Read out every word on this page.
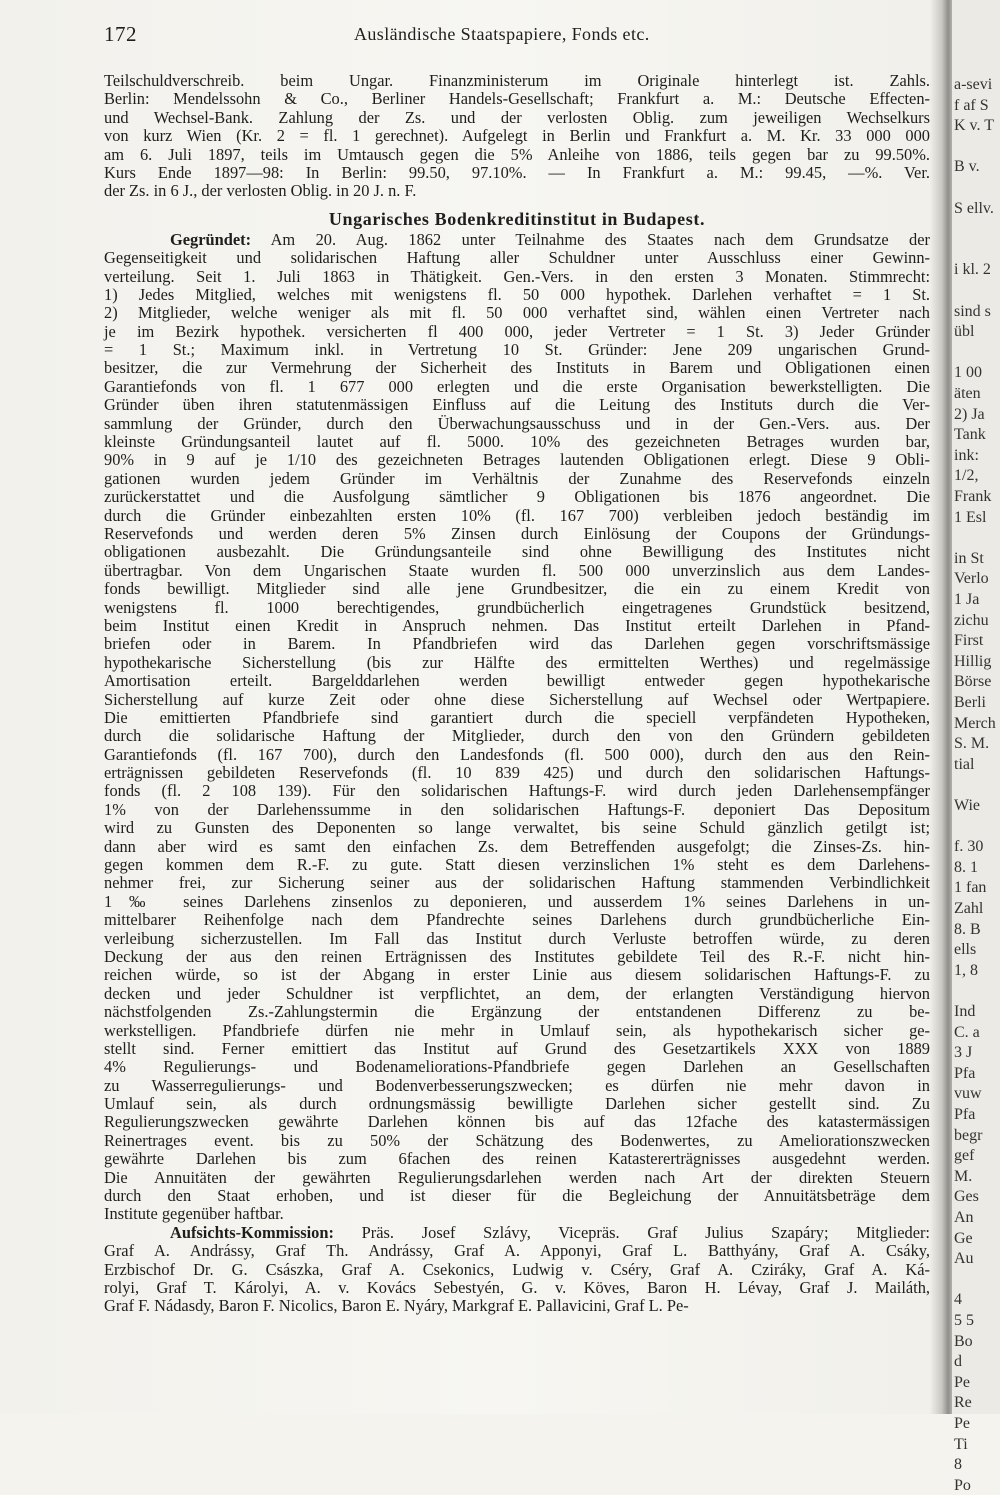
172	Ausländische Staatspapiere, Fonds etc.
Teilschuldverschreib. beim Ungar. Finanzministerum im Originale hinterlegt ist. Zahls.
Berlin: Mendelssohn & Co., Berliner Handels-Gesellschaft; Frankfurt a. M.: Deutsche Effecten-
und Wechsel-Bank. Zahlung der Zs. und der verlosten Oblig. zum jeweiligen Wechselkurs
von kurz Wien (Kr. 2 = fl. 1 gerechnet). Aufgelegt in Berlin und Frankfurt a. M. Kr. 33 000 000
am 6. Juli 1897, teils im Umtausch gegen die 5% Anleihe von 1886, teils gegen bar zu 99.50%.
Kurs Ende 1897—98: In Berlin: 99.50, 97.10%. — In Frankfurt a. M.: 99.45, —%. Ver.
der Zs. in 6 J., der verlosten Oblig. in 20 J. n. F.
Ungarisches Bodenkreditinstitut in Budapest.
Gegründet: Am 20. Aug. 1862 unter Teilnahme des Staates nach dem Grundsatze der
Gegenseitigkeit und solidarischen Haftung aller Schuldner unter Ausschluss einer Gewinn-
verteilung. Seit 1. Juli 1863 in Thätigkeit. Gen.-Vers. in den ersten 3 Monaten. Stimmrecht:
1) Jedes Mitglied, welches mit wenigstens fl. 50 000 hypothek. Darlehen verhaftet = 1 St.
2) Mitglieder, welche weniger als mit fl. 50 000 verhaftet sind, wählen einen Vertreter nach
je im Bezirk hypothek. versicherten fl 400 000, jeder Vertreter = 1 St. 3) Jeder Gründer
= 1 St.; Maximum inkl. in Vertretung 10 St. Gründer: Jene 209 ungarischen Grund-
besitzer, die zur Vermehrung der Sicherheit des Instituts in Barem und Obligationen einen
Garantiefonds von fl. 1 677 000 erlegten und die erste Organisation bewerkstelligten. Die
Gründer üben ihren statutenmässigen Einfluss auf die Leitung des Instituts durch die Ver-
sammlung der Gründer, durch den Überwachungsausschuss und in der Gen.-Vers. aus. Der
kleinste Gründungsanteil lautet auf fl. 5000. 10% des gezeichneten Betrages wurden bar,
90% in 9 auf je 1/10 des gezeichneten Betrages lautenden Obligationen erlegt. Diese 9 Obli-
gationen wurden jedem Gründer im Verhältnis der Zunahme des Reservefonds einzeln
zurückerstattet und die Ausfolgung sämtlicher 9 Obligationen bis 1876 angeordnet. Die
durch die Gründer einbezahlten ersten 10% (fl. 167 700) verbleiben jedoch beständig im
Reservefonds und werden deren 5% Zinsen durch Einlösung der Coupons der Gründungs-
obligationen ausbezahlt. Die Gründungsanteile sind ohne Bewilligung des Institutes nicht
übertragbar. Von dem Ungarischen Staate wurden fl. 500 000 unverzinslich aus dem Landes-
fonds bewilligt. Mitglieder sind alle jene Grundbesitzer, die ein zu einem Kredit von
wenigstens fl. 1000 berechtigendes, grundbücherlich eingetragenes Grundstück besitzend,
beim Institut einen Kredit in Anspruch nehmen. Das Institut erteilt Darlehen in Pfand-
briefen oder in Barem. In Pfandbriefen wird das Darlehen gegen vorschriftsmässige
hypothekarische Sicherstellung (bis zur Hälfte des ermittelten Werthes) und regelmässige
Amortisation erteilt. Bargelddarlehen werden bewilligt entweder gegen hypothekarische
Sicherstellung auf kurze Zeit oder ohne diese Sicherstellung auf Wechsel oder Wertpapiere.
Die emittierten Pfandbriefe sind garantiert durch die speciell verpfändeten Hypotheken,
durch die solidarische Haftung der Mitglieder, durch den von den Gründern gebildeten
Garantiefonds (fl. 167 700), durch den Landesfonds (fl. 500 000), durch den aus den Rein-
erträgnissen gebildeten Reservefonds (fl. 10 839 425) und durch den solidarischen Haftungs-
fonds (fl. 2 108 139). Für den solidarischen Haftungs-F. wird durch jeden Darlehensempfänger
1% von der Darlehenssumme in den solidarischen Haftungs-F. deponiert Das Depositum
wird zu Gunsten des Deponenten so lange verwaltet, bis seine Schuld gänzlich getilgt ist;
dann aber wird es samt den einfachen Zs. dem Betreffenden ausgefolgt; die Zinses-Zs. hin-
gegen kommen dem R.-F. zu gute. Statt diesen verzinslichen 1% steht es dem Darlehens-
nehmer frei, zur Sicherung seiner aus der solidarischen Haftung stammenden Verbindlichkeit
1‰ seines Darlehens zinsenlos zu deponieren, und ausserdem 1% seines Darlehens in un-
mittelbarer Reihenfolge nach dem Pfandrechte seines Darlehens durch grundbücherliche Ein-
verleibung sicherzustellen. Im Fall das Institut durch Verluste betroffen würde, zu deren
Deckung der aus den reinen Erträgnissen des Institutes gebildete Teil des R.-F. nicht hin-
reichen würde, so ist der Abgang in erster Linie aus diesem solidarischen Haftungs-F. zu
decken und jeder Schuldner ist verpflichtet, an dem, der erlangten Verständigung hiervon
nächstfolgenden Zs.-Zahlungstermin die Ergänzung der entstandenen Differenz zu be-
werkstelligen. Pfandbriefe dürfen nie mehr in Umlauf sein, als hypothekarisch sicher ge-
stellt sind. Ferner emittiert das Institut auf Grund des Gesetzartikels XXX von 1889
4% Regulierungs- und Bodenameliorations-Pfandbriefe gegen Darlehen an Gesellschaften
zu Wasserregulierungs- und Bodenverbesserungszwecken; es dürfen nie mehr davon in
Umlauf sein, als durch ordnungsmässig bewilligte Darlehen sicher gestellt sind. Zu
Regulierungszwecken gewährte Darlehen können bis auf das 12fache des katastermässigen
Reinertrages event. bis zu 50% der Schätzung des Bodenwertes, zu Ameliorationszwecken
gewährte Darlehen bis zum 6fachen des reinen Katastererträgnisses ausgedehnt werden.
Die Annuitäten der gewährten Regulierungsdarlehen werden nach Art der direkten Steuern
durch den Staat erhoben, und ist dieser für die Begleichung der Annuitätsbeträge dem
Institute gegenüber haftbar.
Aufsichts-Kommission: Präs. Josef Szlávy, Vicepräs. Graf Julius Szapáry; Mitglieder:
Graf A. Andrássy, Graf Th. Andrássy, Graf A. Apponyi, Graf L. Batthyány, Graf A. Csáky,
Erzbischof Dr. G. Császka, Graf A. Csekonics, Ludwig v. Cséry, Graf A. Cziráky, Graf A. Ká-
rolyi, Graf T. Károlyi, A. v. Kovács Sebestyén, G. v. Köves, Baron H. Lévay, Graf J. Mailáth,
Graf F. Nádasdy, Baron F. Nicolics, Baron E. Nyáry, Markgraf E. Pallavicini, Graf L. Pe-
a-sevi
f af S
K v. T
B v.
S ellv.
i kl. 2
sind s
übl
1 00
äten
2) Ja
Tank
ink:
1/2,
Frank
1 Esl
in St
Verlo
1 Ja
zichu
First
Hillig
Börse
Berli
Merch
S. M.
tial
Wie
f. 30
8. 1
1 fan
Zahl
8. B
ells
1, 8
Ind
C. a
3 J
Pfa
vuw
Pfa
begr
gef
M.
Ges
An
Ge
Au
4
5 5
Bo
d
Pe
Re
Pe
Ti
8
Po
